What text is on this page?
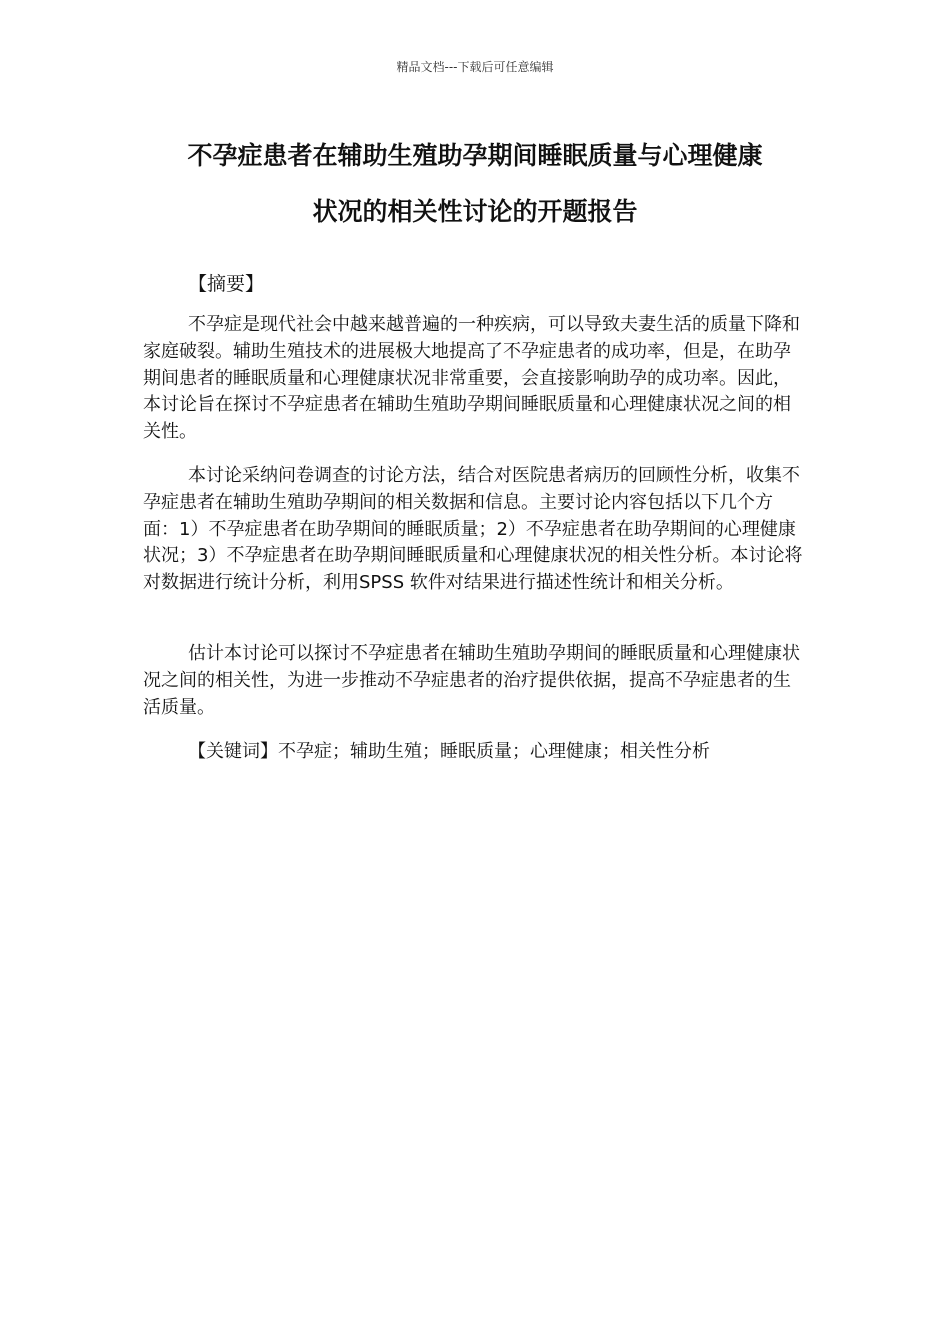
精品文档---下载后可任意编辑
不孕症患者在辅助生殖助孕期间睡眠质量与心理健康
状况的相关性讨论的开题报告
【摘要】

不孕症是现代社会中越来越普遍的一种疾病，可以导致夫妻生活的质量下降和家庭破裂。辅助生殖技术的进展极大地提高了不孕症患者的成功率，但是，在助孕期间患者的睡眠质量和心理健康状况非常重要，会直接影响助孕的成功率。因此，本讨论旨在探讨不孕症患者在辅助生殖助孕期间睡眠质量和心理健康状况之间的相关性。

本讨论采纳问卷调查的讨论方法，结合对医院患者病历的回顾性分析，收集不孕症患者在辅助生殖助孕期间的相关数据和信息。主要讨论内容包括以下几个方面：1）不孕症患者在助孕期间的睡眠质量；2）不孕症患者在助孕期间的心理健康状况；3）不孕症患者在助孕期间睡眠质量和心理健康状况的相关性分析。本讨论将对数据进行统计分析，利用SPSS 软件对结果进行描述性统计和相关分析。

估计本讨论可以探讨不孕症患者在辅助生殖助孕期间的睡眠质量和心理健康状况之间的相关性，为进一步推动不孕症患者的治疗提供依据，提高不孕症患者的生活质量。

【关键词】不孕症；辅助生殖；睡眠质量；心理健康；相关性分析
